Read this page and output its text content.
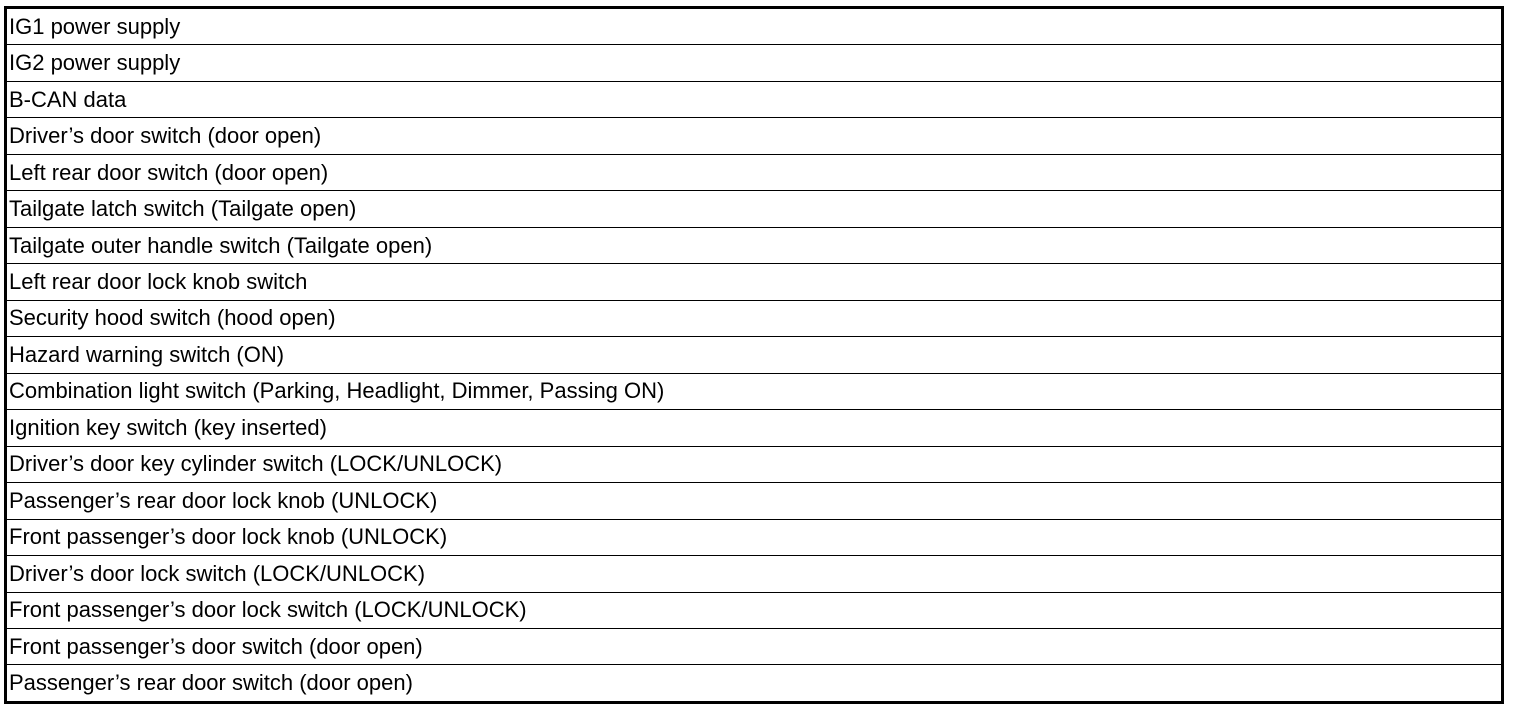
IG1 power supply
IG2 power supply
B-CAN data
Driver’s door switch (door open)
Left rear door switch (door open)
Tailgate latch switch (Tailgate open)
Tailgate outer handle switch (Tailgate open)
Left rear door lock knob switch
Security hood switch (hood open)
Hazard warning switch (ON)
Combination light switch (Parking, Headlight, Dimmer, Passing ON)
Ignition key switch (key inserted)
Driver’s door key cylinder switch (LOCK/UNLOCK)
Passenger’s rear door lock knob (UNLOCK)
Front passenger’s door lock knob (UNLOCK)
Driver’s door lock switch (LOCK/UNLOCK)
Front passenger’s door lock switch (LOCK/UNLOCK)
Front passenger’s door switch (door open)
Passenger’s rear door switch (door open)
